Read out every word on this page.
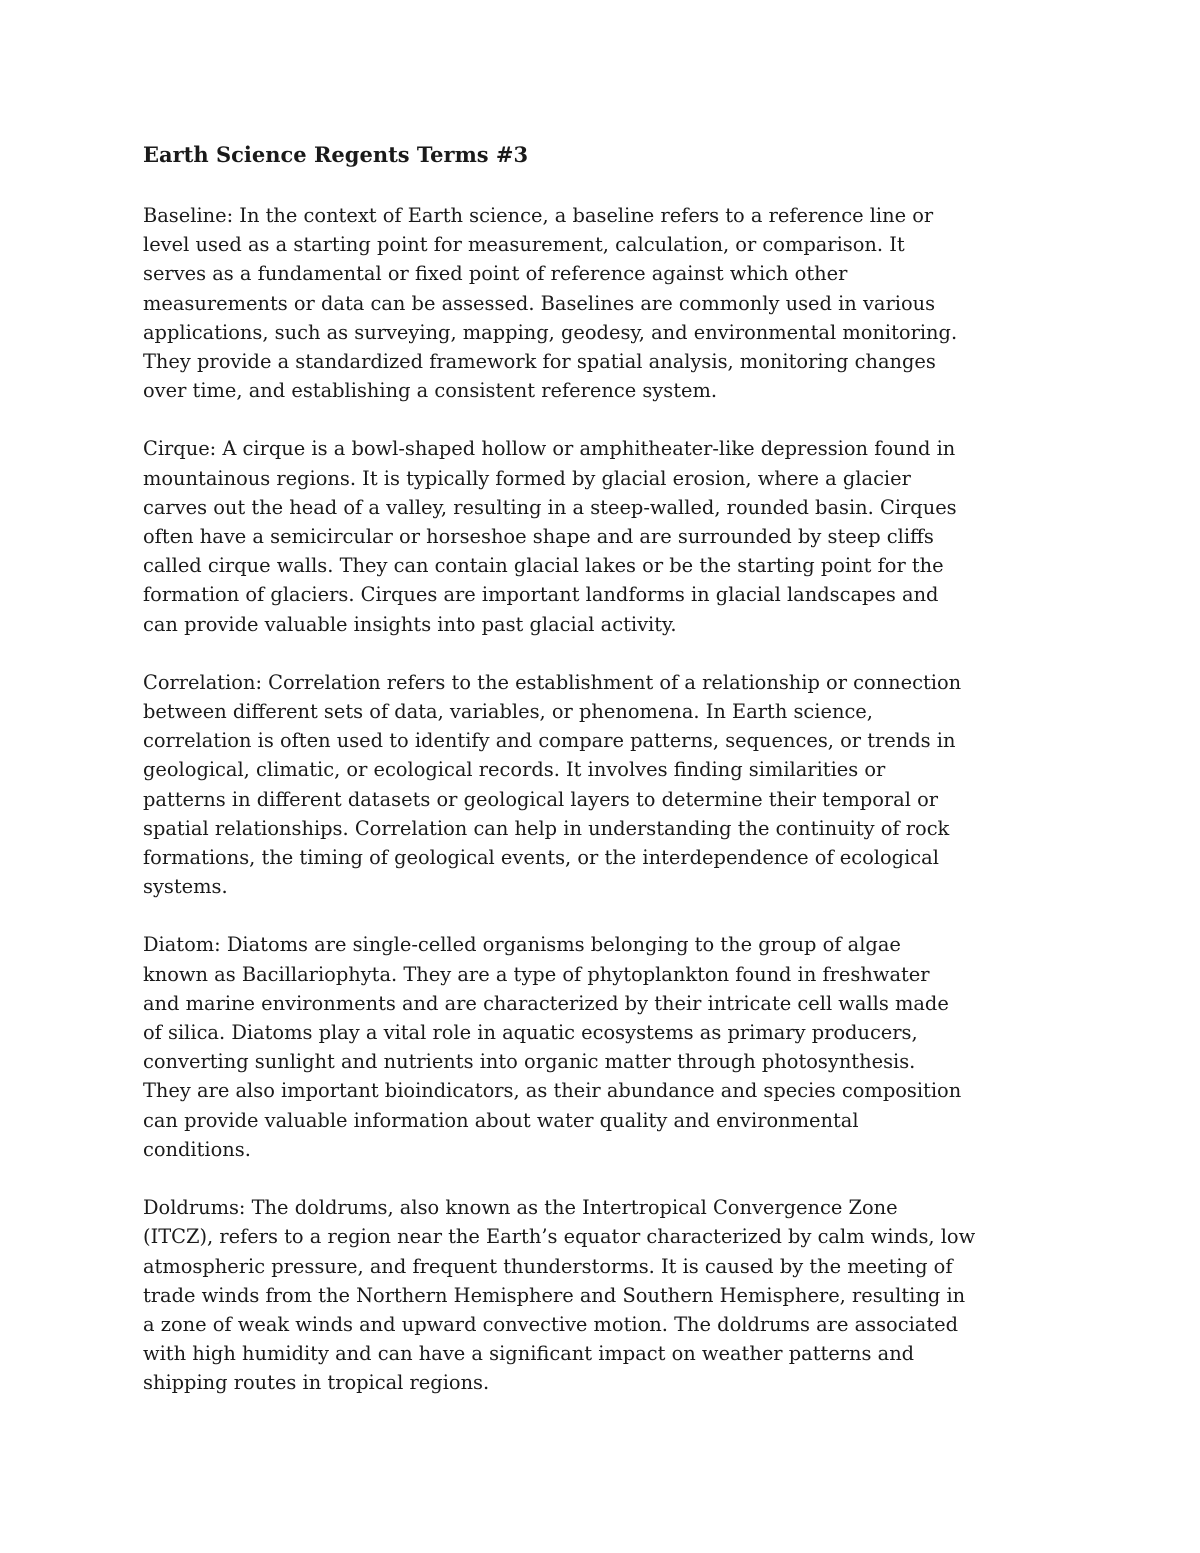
Earth Science Regents Terms #3

Baseline: In the context of Earth science, a baseline refers to a reference line or
level used as a starting point for measurement, calculation, or comparison. It
serves as a fundamental or fixed point of reference against which other
measurements or data can be assessed. Baselines are commonly used in various
applications, such as surveying, mapping, geodesy, and environmental monitoring.
They provide a standardized framework for spatial analysis, monitoring changes
over time, and establishing a consistent reference system.

Cirque: A cirque is a bowl-shaped hollow or amphitheater-like depression found in
mountainous regions. It is typically formed by glacial erosion, where a glacier
carves out the head of a valley, resulting in a steep-walled, rounded basin. Cirques
often have a semicircular or horseshoe shape and are surrounded by steep cliffs
called cirque walls. They can contain glacial lakes or be the starting point for the
formation of glaciers. Cirques are important landforms in glacial landscapes and
can provide valuable insights into past glacial activity.

Correlation: Correlation refers to the establishment of a relationship or connection
between different sets of data, variables, or phenomena. In Earth science,
correlation is often used to identify and compare patterns, sequences, or trends in
geological, climatic, or ecological records. It involves finding similarities or
patterns in different datasets or geological layers to determine their temporal or
spatial relationships. Correlation can help in understanding the continuity of rock
formations, the timing of geological events, or the interdependence of ecological
systems.

Diatom: Diatoms are single-celled organisms belonging to the group of algae
known as Bacillariophyta. They are a type of phytoplankton found in freshwater
and marine environments and are characterized by their intricate cell walls made
of silica. Diatoms play a vital role in aquatic ecosystems as primary producers,
converting sunlight and nutrients into organic matter through photosynthesis.
They are also important bioindicators, as their abundance and species composition
can provide valuable information about water quality and environmental
conditions.

Doldrums: The doldrums, also known as the Intertropical Convergence Zone
(ITCZ), refers to a region near the Earth’s equator characterized by calm winds, low
atmospheric pressure, and frequent thunderstorms. It is caused by the meeting of
trade winds from the Northern Hemisphere and Southern Hemisphere, resulting in
a zone of weak winds and upward convective motion. The doldrums are associated
with high humidity and can have a significant impact on weather patterns and
shipping routes in tropical regions.
